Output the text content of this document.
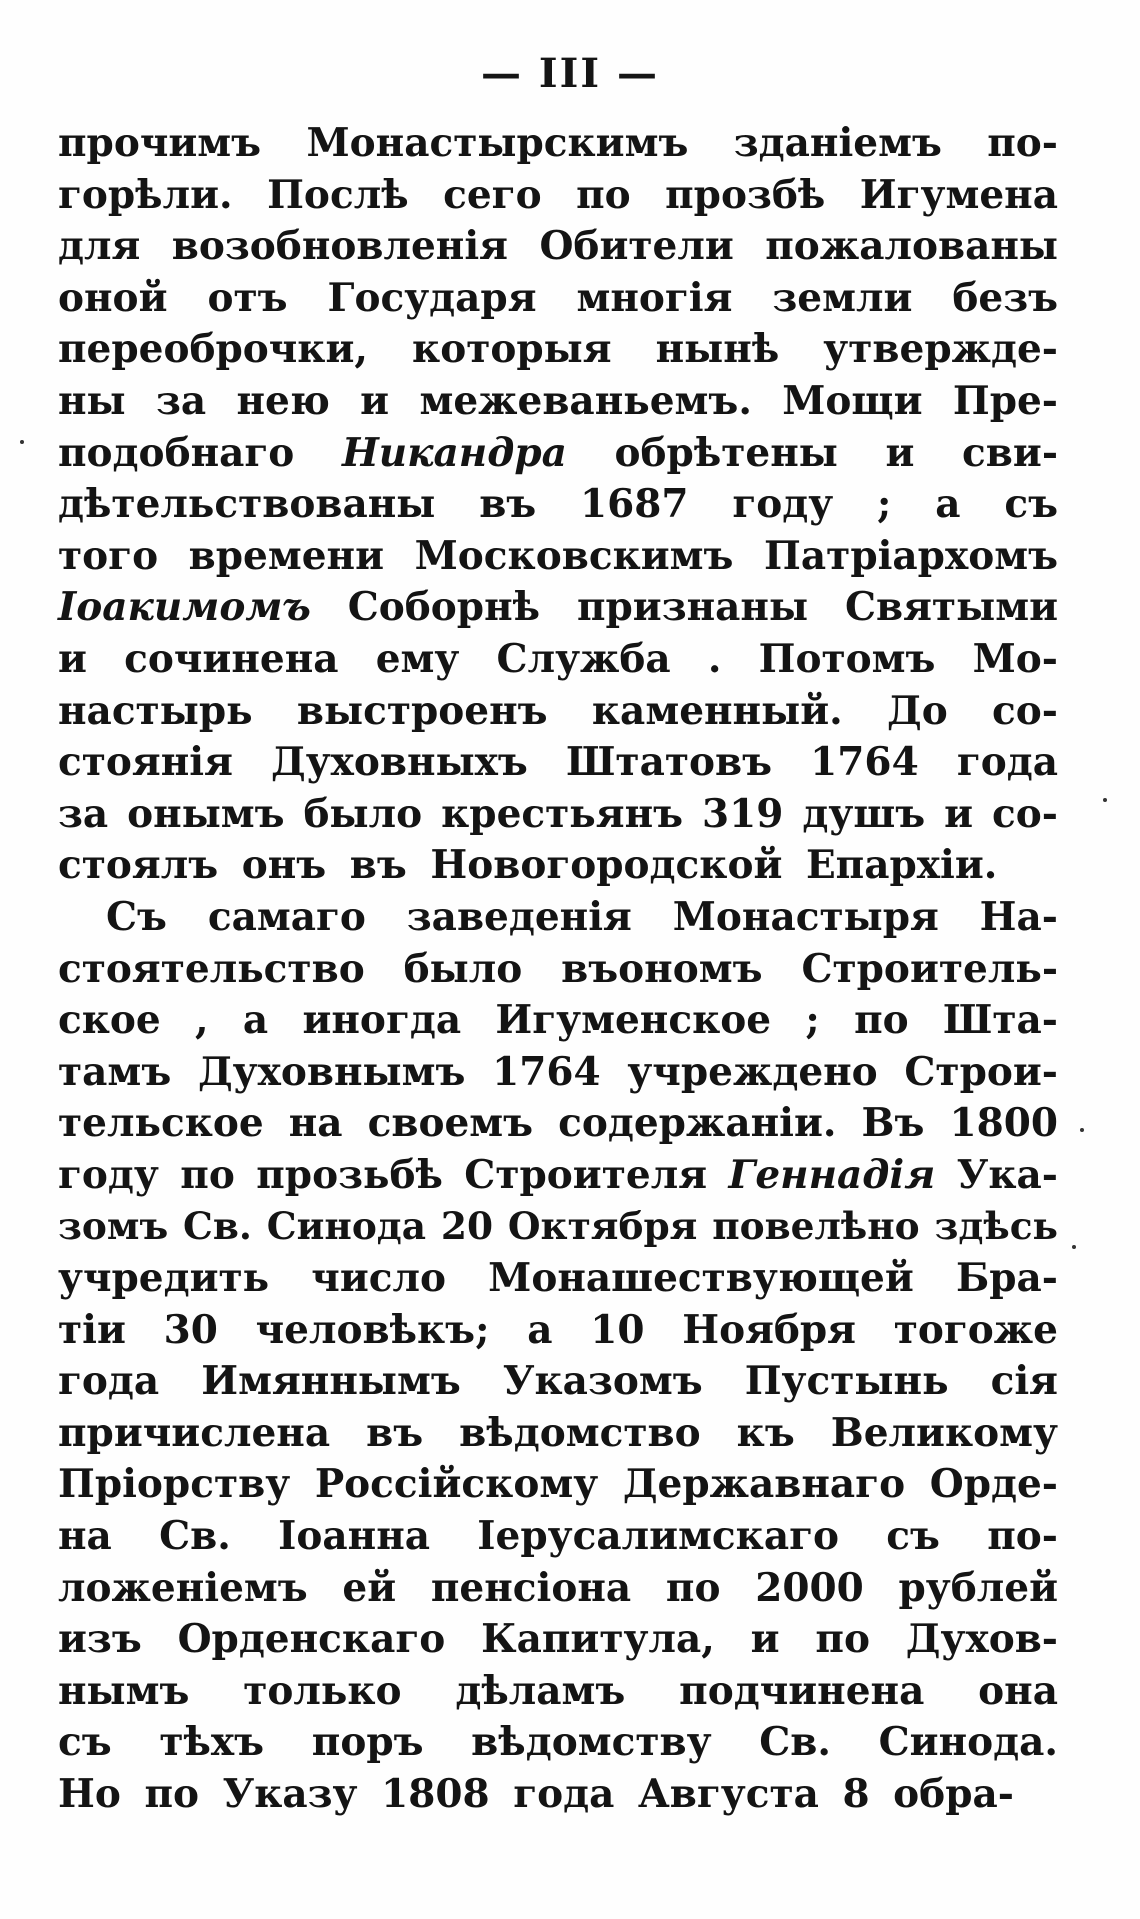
— III —
прочимъ Монастырскимъ зданіемъ по-
горѣли. Послѣ сего по прозбѣ Игумена
для возобновленія Обители пожалованы
оной отъ Государя многія земли безъ
переоброчки, которыя нынѣ утвержде-
ны за нею и межеваньемъ. Мощи Пре-
подобнаго Никандра обрѣтены и сви-
дѣтельствованы въ 1687 году ; а съ
того времени Московскимъ Патріархомъ
Іоакимомъ Соборнѣ признаны Святыми
и сочинена ему Служба . Потомъ Мо-
настырь выстроенъ каменный. До со-
стоянія Духовныхъ Штатовъ 1764 года
за онымъ было крестьянъ 319 душъ и со-
стоялъ онъ въ Новогородской Епархіи.
Съ самаго заведенія Монастыря На-
стоятельство было въономъ Строитель-
ское , а иногда Игуменское ; по Шта-
тамъ Духовнымъ 1764 учреждено Строи-
тельское на своемъ содержаніи. Въ 1800
году по прозьбѣ Строителя Геннадія Ука-
зомъ Св. Синода 20 Октября повелѣно здѣсь
учредить число Монашествующей Бра-
тіи 30 человѣкъ; а 10 Ноября тогоже
года Имяннымъ Указомъ Пустынь сія
причислена въ вѣдомство къ Великому
Пріорству Россійскому Державнаго Орде-
на Св. Іоанна Іерусалимскаго съ по-
ложеніемъ ей пенсіона по 2000 рублей
изъ Орденскаго Капитула, и по Духов-
нымъ только дѣламъ подчинена она
съ тѣхъ поръ вѣдомству Св. Синода.
Но по Указу 1808 года Августа 8 обра-
